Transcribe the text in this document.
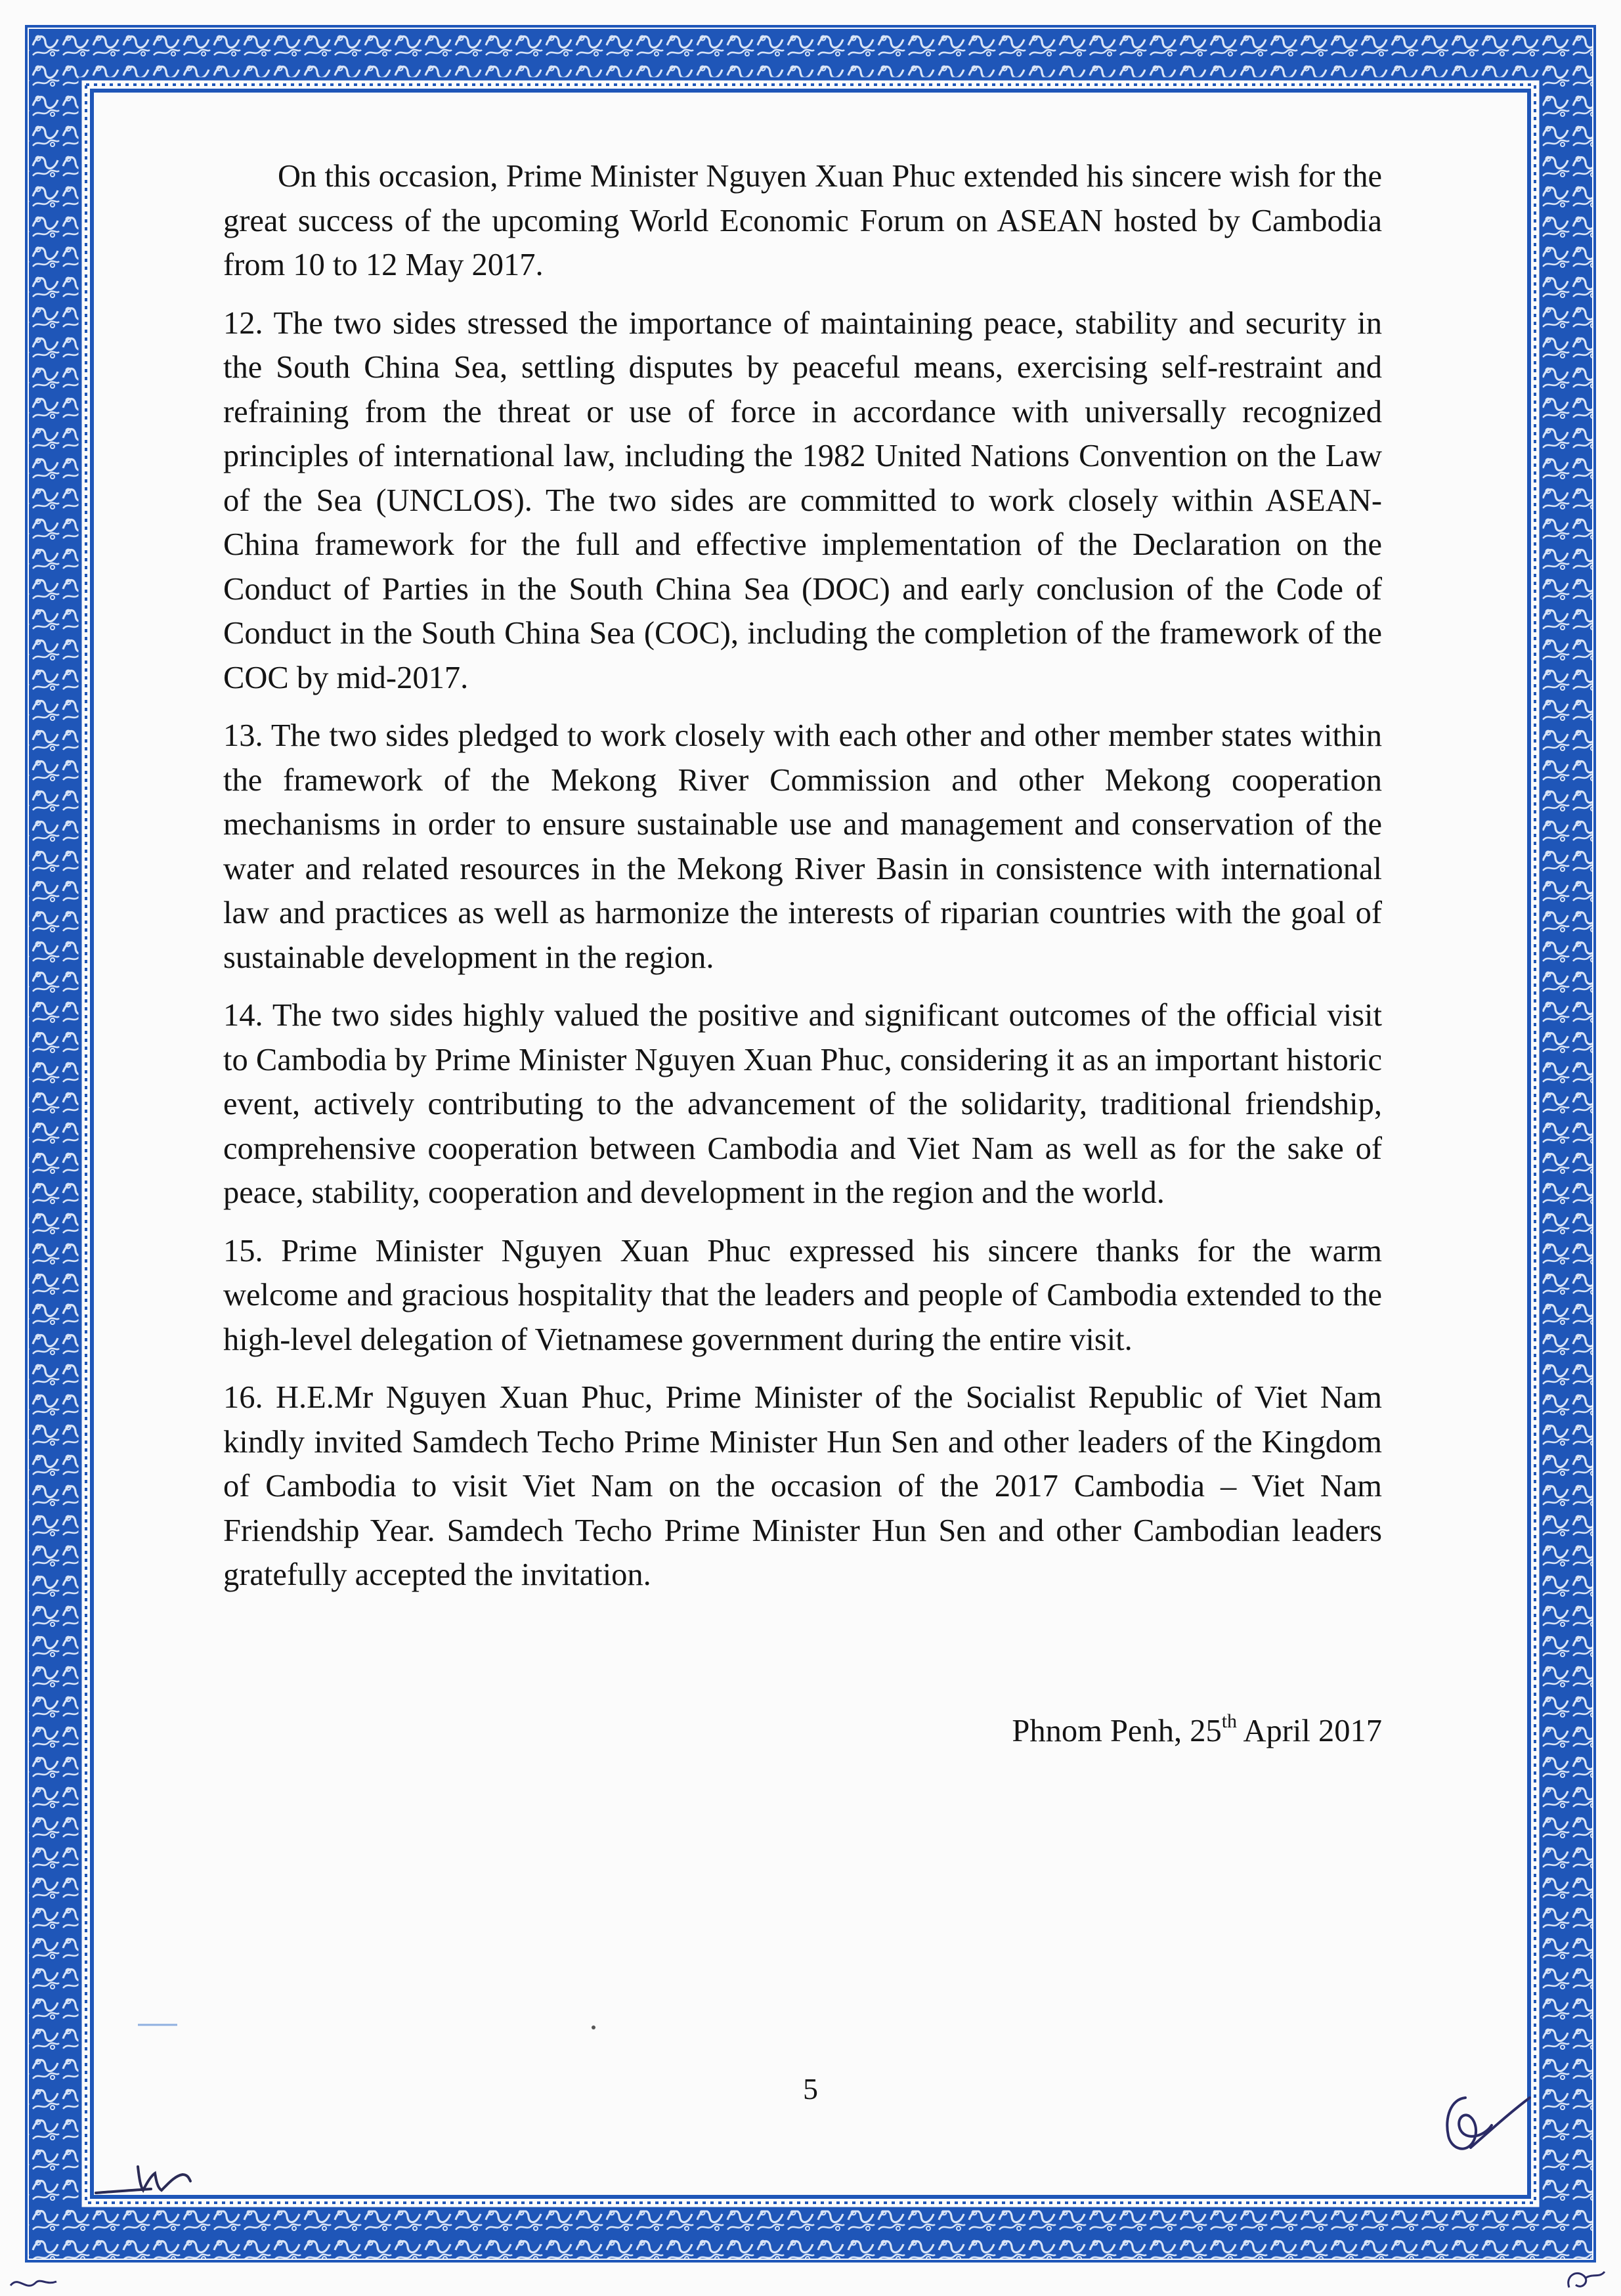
On this occasion, Prime Minister Nguyen Xuan Phuc extended his sincere wish for the great success of the upcoming World Economic Forum on ASEAN hosted by Cambodia from 10 to 12 May 2017.

12. The two sides stressed the importance of maintaining peace, stability and security in the South China Sea, settling disputes by peaceful means, exercising self-restraint and refraining from the threat or use of force in accordance with universally recognized principles of international law, including the 1982 United Nations Convention on the Law of the Sea (UNCLOS). The two sides are committed to work closely within ASEAN-China framework for the full and effective implementation of the Declaration on the Conduct of Parties in the South China Sea (DOC) and early conclusion of the Code of Conduct in the South China Sea (COC), including the completion of the framework of the COC by mid-2017.

13. The two sides pledged to work closely with each other and other member states within the framework of the Mekong River Commission and other Mekong cooperation mechanisms in order to ensure sustainable use and management and conservation of the water and related resources in the Mekong River Basin in consistence with international law and practices as well as harmonize the interests of riparian countries with the goal of sustainable development in the region.

14. The two sides highly valued the positive and significant outcomes of the official visit to Cambodia by Prime Minister Nguyen Xuan Phuc, considering it as an important historic event, actively contributing to the advancement of the solidarity, traditional friendship, comprehensive cooperation between Cambodia and Viet Nam as well as for the sake of peace, stability, cooperation and development in the region and the world.

15. Prime Minister Nguyen Xuan Phuc expressed his sincere thanks for the warm welcome and gracious hospitality that the leaders and people of Cambodia extended to the high-level delegation of Vietnamese government during the entire visit.

16. H.E.Mr Nguyen Xuan Phuc, Prime Minister of the Socialist Republic of Viet Nam kindly invited Samdech Techo Prime Minister Hun Sen and other leaders of the Kingdom of Cambodia to visit Viet Nam on the occasion of the 2017 Cambodia – Viet Nam Friendship Year. Samdech Techo Prime Minister Hun Sen and other Cambodian leaders gratefully accepted the invitation.

Phnom Penh, 25th April 2017
5
